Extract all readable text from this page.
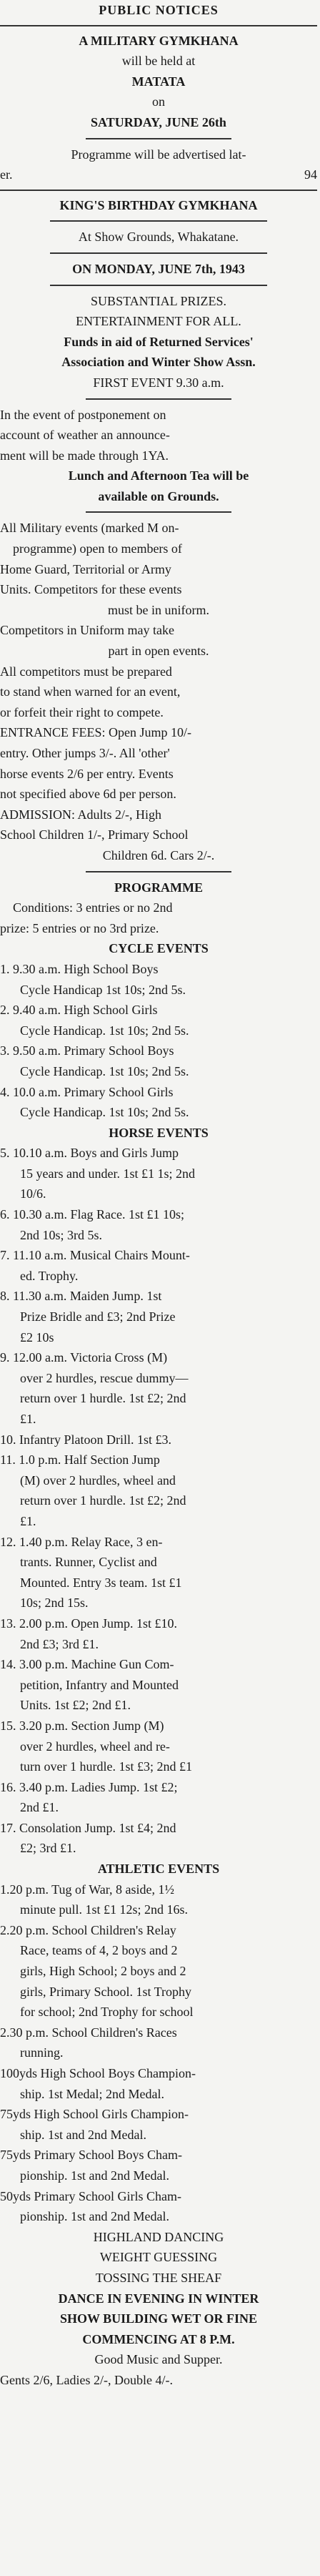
PUBLIC NOTICES
A MILITARY GYMKHANA
will be held at
MATATA
on
SATURDAY, JUNE 26th
Programme will be advertised lat-
er.	94
KING'S BIRTHDAY GYMKHANA
At Show Grounds, Whakatane.
ON MONDAY, JUNE 7th, 1943
SUBSTANTIAL PRIZES.
ENTERTAINMENT FOR ALL.
Funds in aid of Returned Services'
Association and Winter Show Assn.
FIRST EVENT 9.30 a.m.
In the event of postponement on
account of weather an announce-
ment will be made through 1YA.
Lunch and Afternoon Tea will be
available on Grounds.
All Military events (marked M on-
programme) open to members of
Home Guard, Territorial or Army
Units. Competitors for these events
must be in uniform.
Competitors in Uniform may take
part in open events.
All competitors must be prepared
to stand when warned for an event,
or forfeit their right to compete.
ENTRANCE FEES: Open Jump 10/-
entry. Other jumps 3/-. All 'other'
horse events 2/6 per entry. Events
not specified above 6d per person.
ADMISSION: Adults 2/-, High
School Children 1/-, Primary School
Children 6d. Cars 2/-.
PROGRAMME
Conditions: 3 entries or no 2nd
prize: 5 entries or no 3rd prize.
CYCLE EVENTS
1. 9.30 a.m. High School Boys
Cycle Handicap 1st 10s; 2nd 5s.
2. 9.40 a.m. High School Girls
Cycle Handicap. 1st 10s; 2nd 5s.
3. 9.50 a.m. Primary School Boys
Cycle Handicap. 1st 10s; 2nd 5s.
4. 10.0 a.m. Primary School Girls
Cycle Handicap. 1st 10s; 2nd 5s.
HORSE EVENTS
5. 10.10 a.m. Boys and Girls Jump
15 years and under. 1st £1 1s; 2nd
10/6.
6. 10.30 a.m. Flag Race. 1st £1 10s;
2nd 10s; 3rd 5s.
7. 11.10 a.m. Musical Chairs Mount-
ed. Trophy.
8. 11.30 a.m. Maiden Jump. 1st
Prize Bridle and £3; 2nd Prize
£2 10s
9. 12.00 a.m. Victoria Cross (M)
over 2 hurdles, rescue dummy—
return over 1 hurdle. 1st £2; 2nd
£1.
10. Infantry Platoon Drill. 1st £3.
11. 1.0 p.m. Half Section Jump
(M) over 2 hurdles, wheel and
return over 1 hurdle. 1st £2; 2nd
£1.
12. 1.40 p.m. Relay Race, 3 en-
trants. Runner, Cyclist and
Mounted. Entry 3s team. 1st £1
10s; 2nd 15s.
13. 2.00 p.m. Open Jump. 1st £10.
2nd £3; 3rd £1.
14. 3.00 p.m. Machine Gun Com-
petition, Infantry and Mounted
Units. 1st £2; 2nd £1.
15. 3.20 p.m. Section Jump (M)
over 2 hurdles, wheel and re-
turn over 1 hurdle. 1st £3; 2nd £1
16. 3.40 p.m. Ladies Jump. 1st £2;
2nd £1.
17. Consolation Jump. 1st £4; 2nd
£2; 3rd £1.
ATHLETIC EVENTS
1.20 p.m. Tug of War, 8 aside, 1½
minute pull. 1st £1 12s; 2nd 16s.
2.20 p.m. School Children's Relay
Race, teams of 4, 2 boys and 2
girls, High School; 2 boys and 2
girls, Primary School. 1st Trophy
for school; 2nd Trophy for school
2.30 p.m. School Children's Races
running.
100yds High School Boys Champion-
ship. 1st Medal; 2nd Medal.
75yds High School Girls Champion-
ship. 1st and 2nd Medal.
75yds Primary School Boys Cham-
pionship. 1st and 2nd Medal.
50yds Primary School Girls Cham-
pionship. 1st and 2nd Medal.
HIGHLAND DANCING
WEIGHT GUESSING
TOSSING THE SHEAF
DANCE IN EVENING IN WINTER
SHOW BUILDING WET OR FINE
COMMENCING AT 8 P.M.
Good Music and Supper.
Gents 2/6, Ladies 2/-, Double 4/-.
